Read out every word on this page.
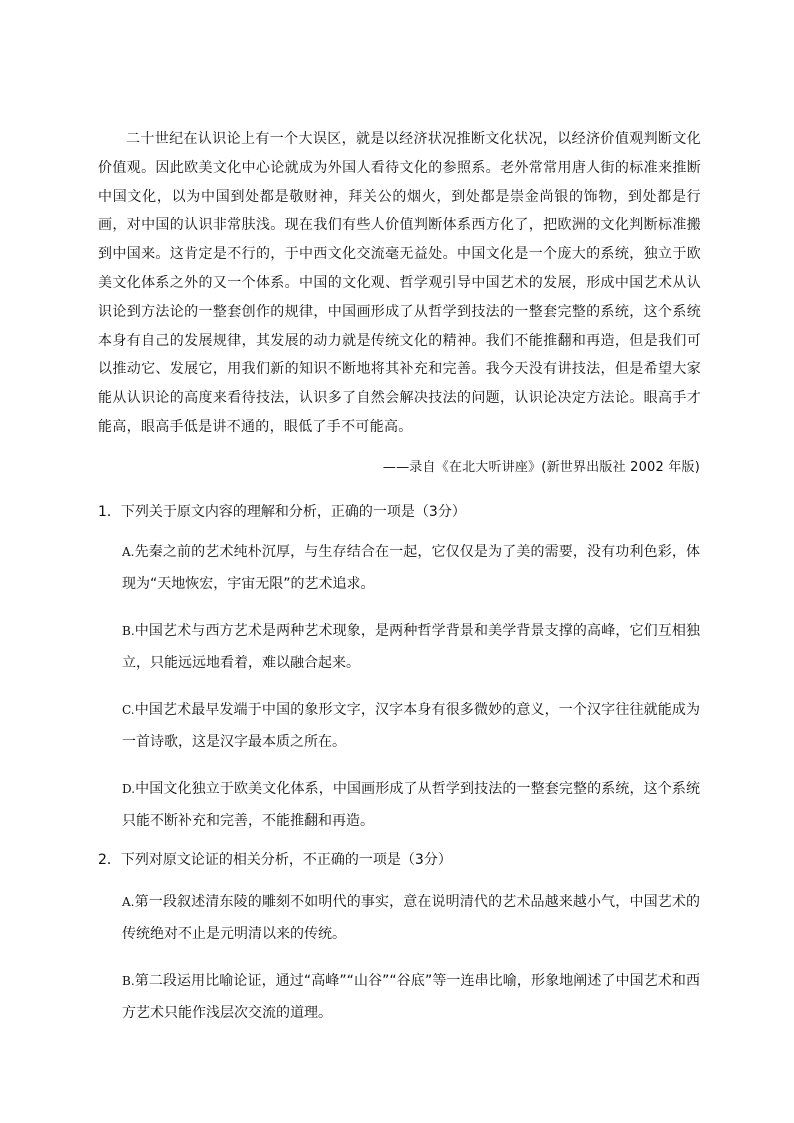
二十世纪在认识论上有一个大误区，就是以经济状况推断文化状况，以经济价值观判断文化价值观。因此欧美文化中心论就成为外国人看待文化的参照系。老外常常用唐人街的标准来推断中国文化，以为中国到处都是敬财神，拜关公的烟火，到处都是崇金尚银的饰物，到处都是行画，对中国的认识非常肤浅。现在我们有些人价值判断体系西方化了，把欧洲的文化判断标准搬到中国来。这肯定是不行的，于中西文化交流毫无益处。中国文化是一个庞大的系统，独立于欧美文化体系之外的又一个体系。中国的文化观、哲学观引导中国艺术的发展，形成中国艺术从认识论到方法论的一整套创作的规律，中国画形成了从哲学到技法的一整套完整的系统，这个系统本身有自己的发展规律，其发展的动力就是传统文化的精神。我们不能推翻和再造，但是我们可以推动它、发展它，用我们新的知识不断地将其补充和完善。我今天没有讲技法，但是希望大家能从认识论的高度来看待技法，认识多了自然会解决技法的问题，认识论决定方法论。眼高手才能高，眼高手低是讲不通的，眼低了手不可能高。

——录自《在北大听讲座》(新世界出版社 2002 年版)

1．下列关于原文内容的理解和分析，正确的一项是（3分）

A.先秦之前的艺术纯朴沉厚，与生存结合在一起，它仅仅是为了美的需要，没有功利色彩，体现为“天地恢宏，宇宙无限”的艺术追求。
B.中国艺术与西方艺术是两种艺术现象，是两种哲学背景和美学背景支撑的高峰，它们互相独立，只能远远地看着，难以融合起来。
C.中国艺术最早发端于中国的象形文字，汉字本身有很多微妙的意义，一个汉字往往就能成为一首诗歌，这是汉字最本质之所在。
D.中国文化独立于欧美文化体系，中国画形成了从哲学到技法的一整套完整的系统，这个系统只能不断补充和完善，不能推翻和再造。

2．下列对原文论证的相关分析，不正确的一项是（3分）

A.第一段叙述清东陵的雕刻不如明代的事实，意在说明清代的艺术品越来越小气，中国艺术的传统绝对不止是元明清以来的传统。
B.第二段运用比喻论证，通过“高峰”“山谷”“谷底”等一连串比喻，形象地阐述了中国艺术和西方艺术只能作浅层次交流的道理。
